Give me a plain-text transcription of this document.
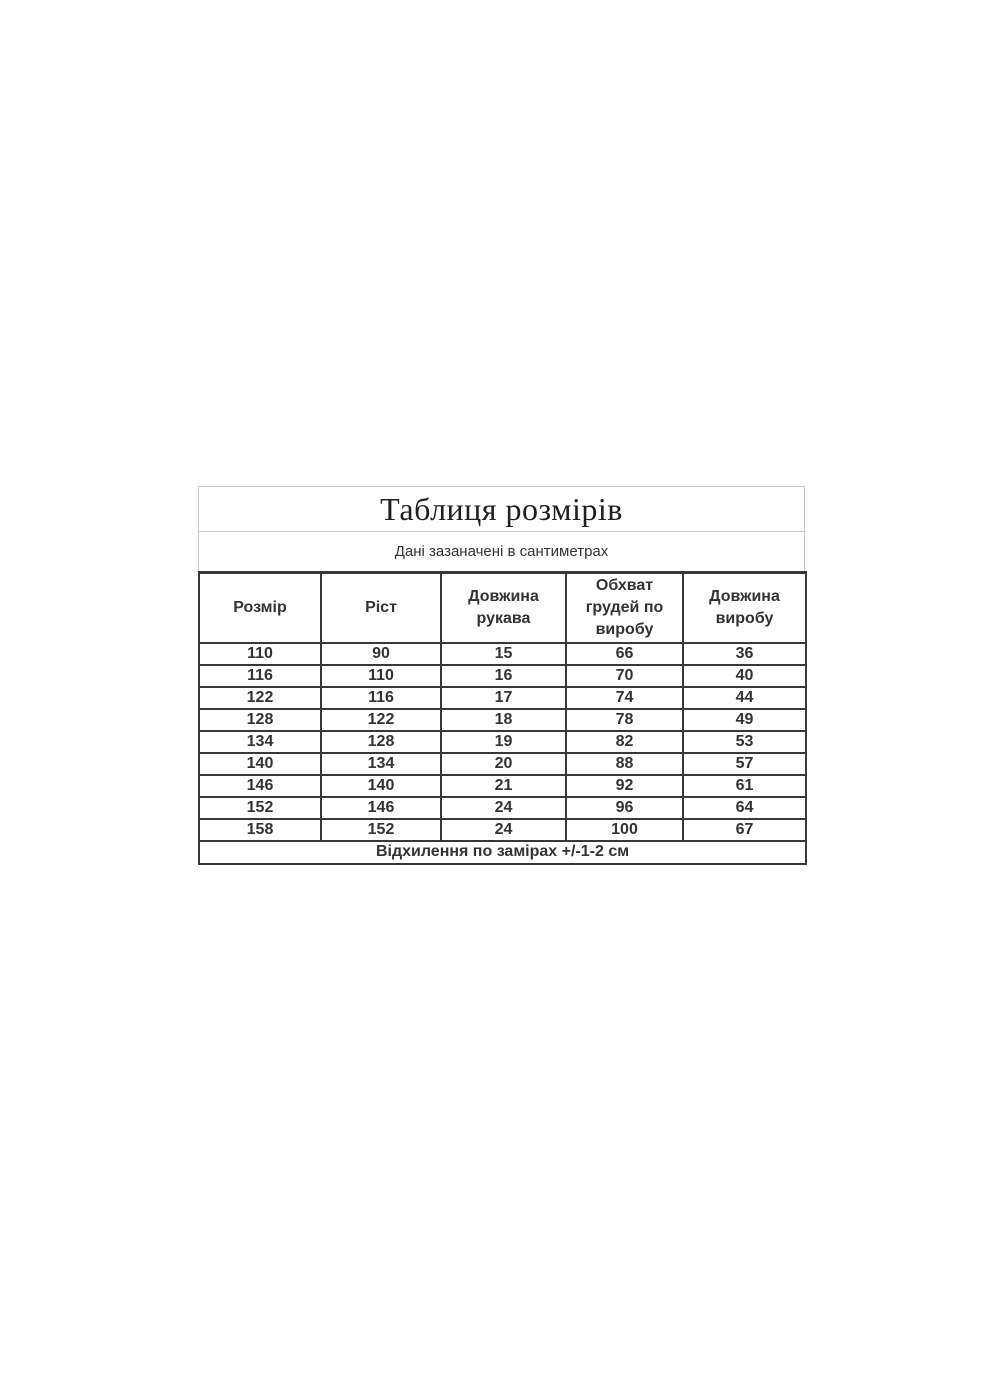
Таблиця розмірів
Дані зазаначені в сантиметрах
Розмір	Ріст	Довжина рукава	Обхват грудей по виробу	Довжина виробу
110	90	15	66	36
116	110	16	70	40
122	116	17	74	44
128	122	18	78	49
134	128	19	82	53
140	134	20	88	57
146	140	21	92	61
152	146	24	96	64
158	152	24	100	67
Відхилення по замірах +/-1-2 см				
